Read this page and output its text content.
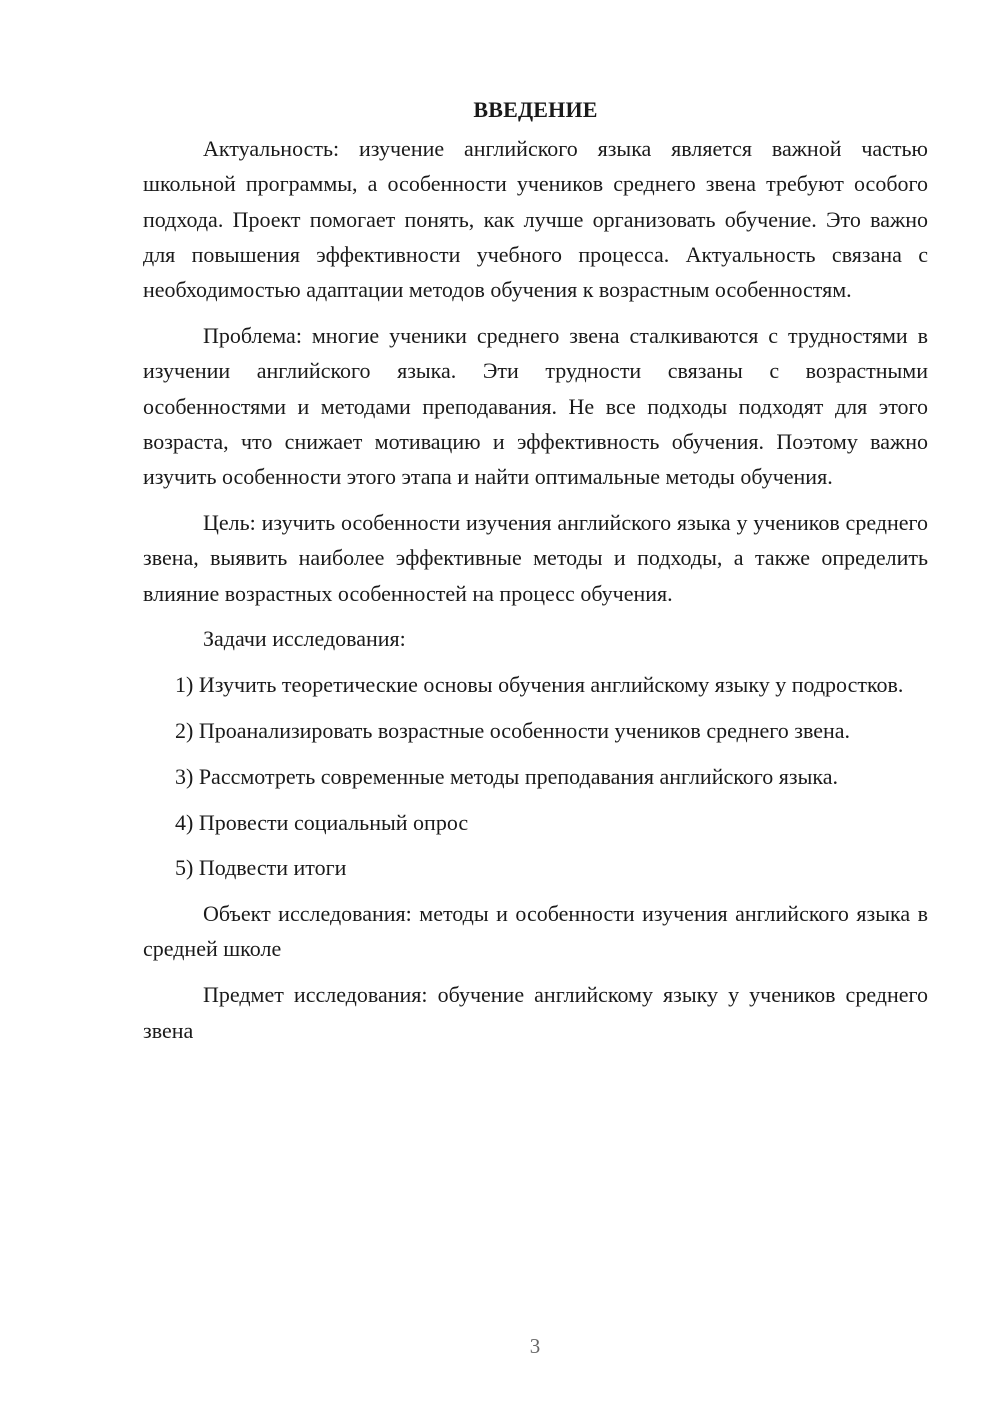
ВВЕДЕНИЕ

Актуальность: изучение английского языка является важной частью школьной программы, а особенности учеников среднего звена требуют особого подхода. Проект помогает понять, как лучше организовать обучение. Это важно для повышения эффективности учебного процесса. Актуальность связана с необходимостью адаптации методов обучения к возрастным особенностям.

Проблема: многие ученики среднего звена сталкиваются с трудностями в изучении английского языка. Эти трудности связаны с возрастными особенностями и методами преподавания. Не все подходы подходят для этого возраста, что снижает мотивацию и эффективность обучения. Поэтому важно изучить особенности этого этапа и найти оптимальные методы обучения.

Цель: изучить особенности изучения английского языка у учеников среднего звена, выявить наиболее эффективные методы и подходы, а также определить влияние возрастных особенностей на процесс обучения.

Задачи исследования:

1) Изучить теоретические основы обучения английскому языку у подростков.

2) Проанализировать возрастные особенности учеников среднего звена.

3) Рассмотреть современные методы преподавания английского языка.

4) Провести социальный опрос

5) Подвести итоги

Объект исследования: методы и особенности изучения английского языка в средней школе

Предмет исследования: обучение английскому языку у учеников среднего звена

3
